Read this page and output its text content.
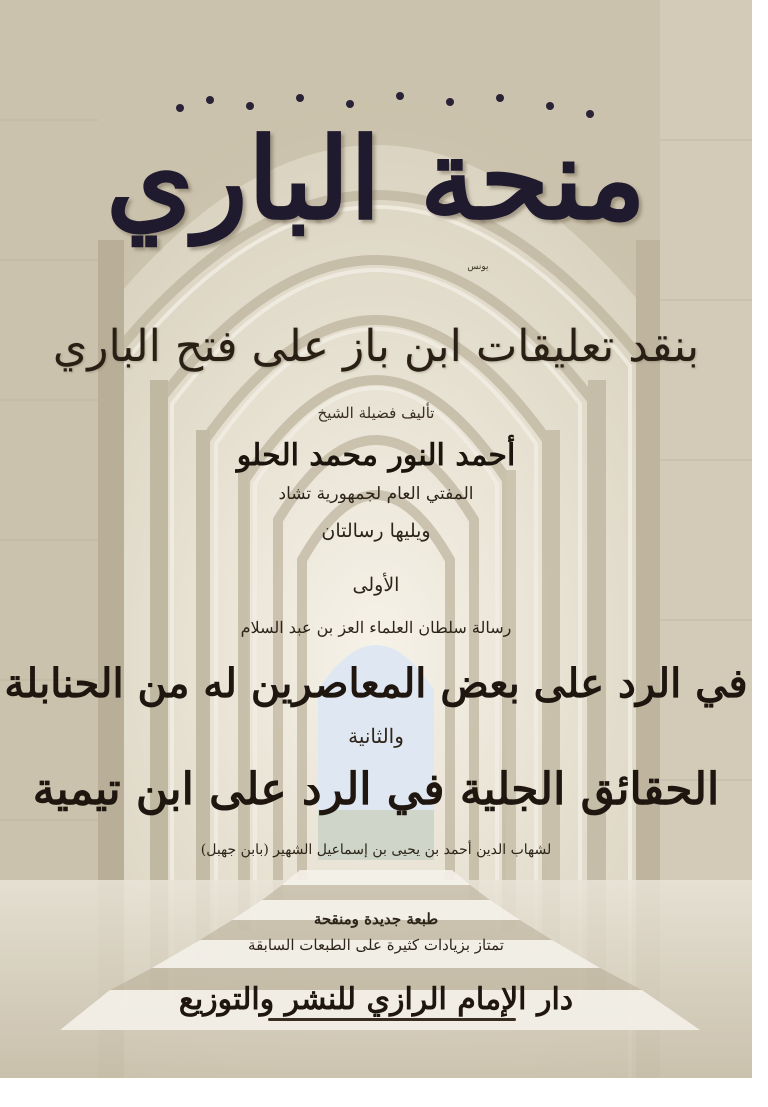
منحة الباري
يونس
بنقد تعليقات ابن باز على فتح الباري
تأليف فضيلة الشيخ
أحمد النور محمد الحلو
المفتي العام لجمهورية تشاد
ويليها رسالتان
الأولى
رسالة سلطان العلماء العز بن عبد السلام
في الرد على بعض المعاصرين له من الحنابلة
والثانية
الحقائق الجلية في الرد على ابن تيمية
لشهاب الدين أحمد بن يحيى بن إسماعيل الشهير (بابن جهبل)
طبعة جديدة ومنقحة
تمتاز بزيادات كثيرة على الطبعات السابقة
دار الإمام الرازي للنشر والتوزيع
